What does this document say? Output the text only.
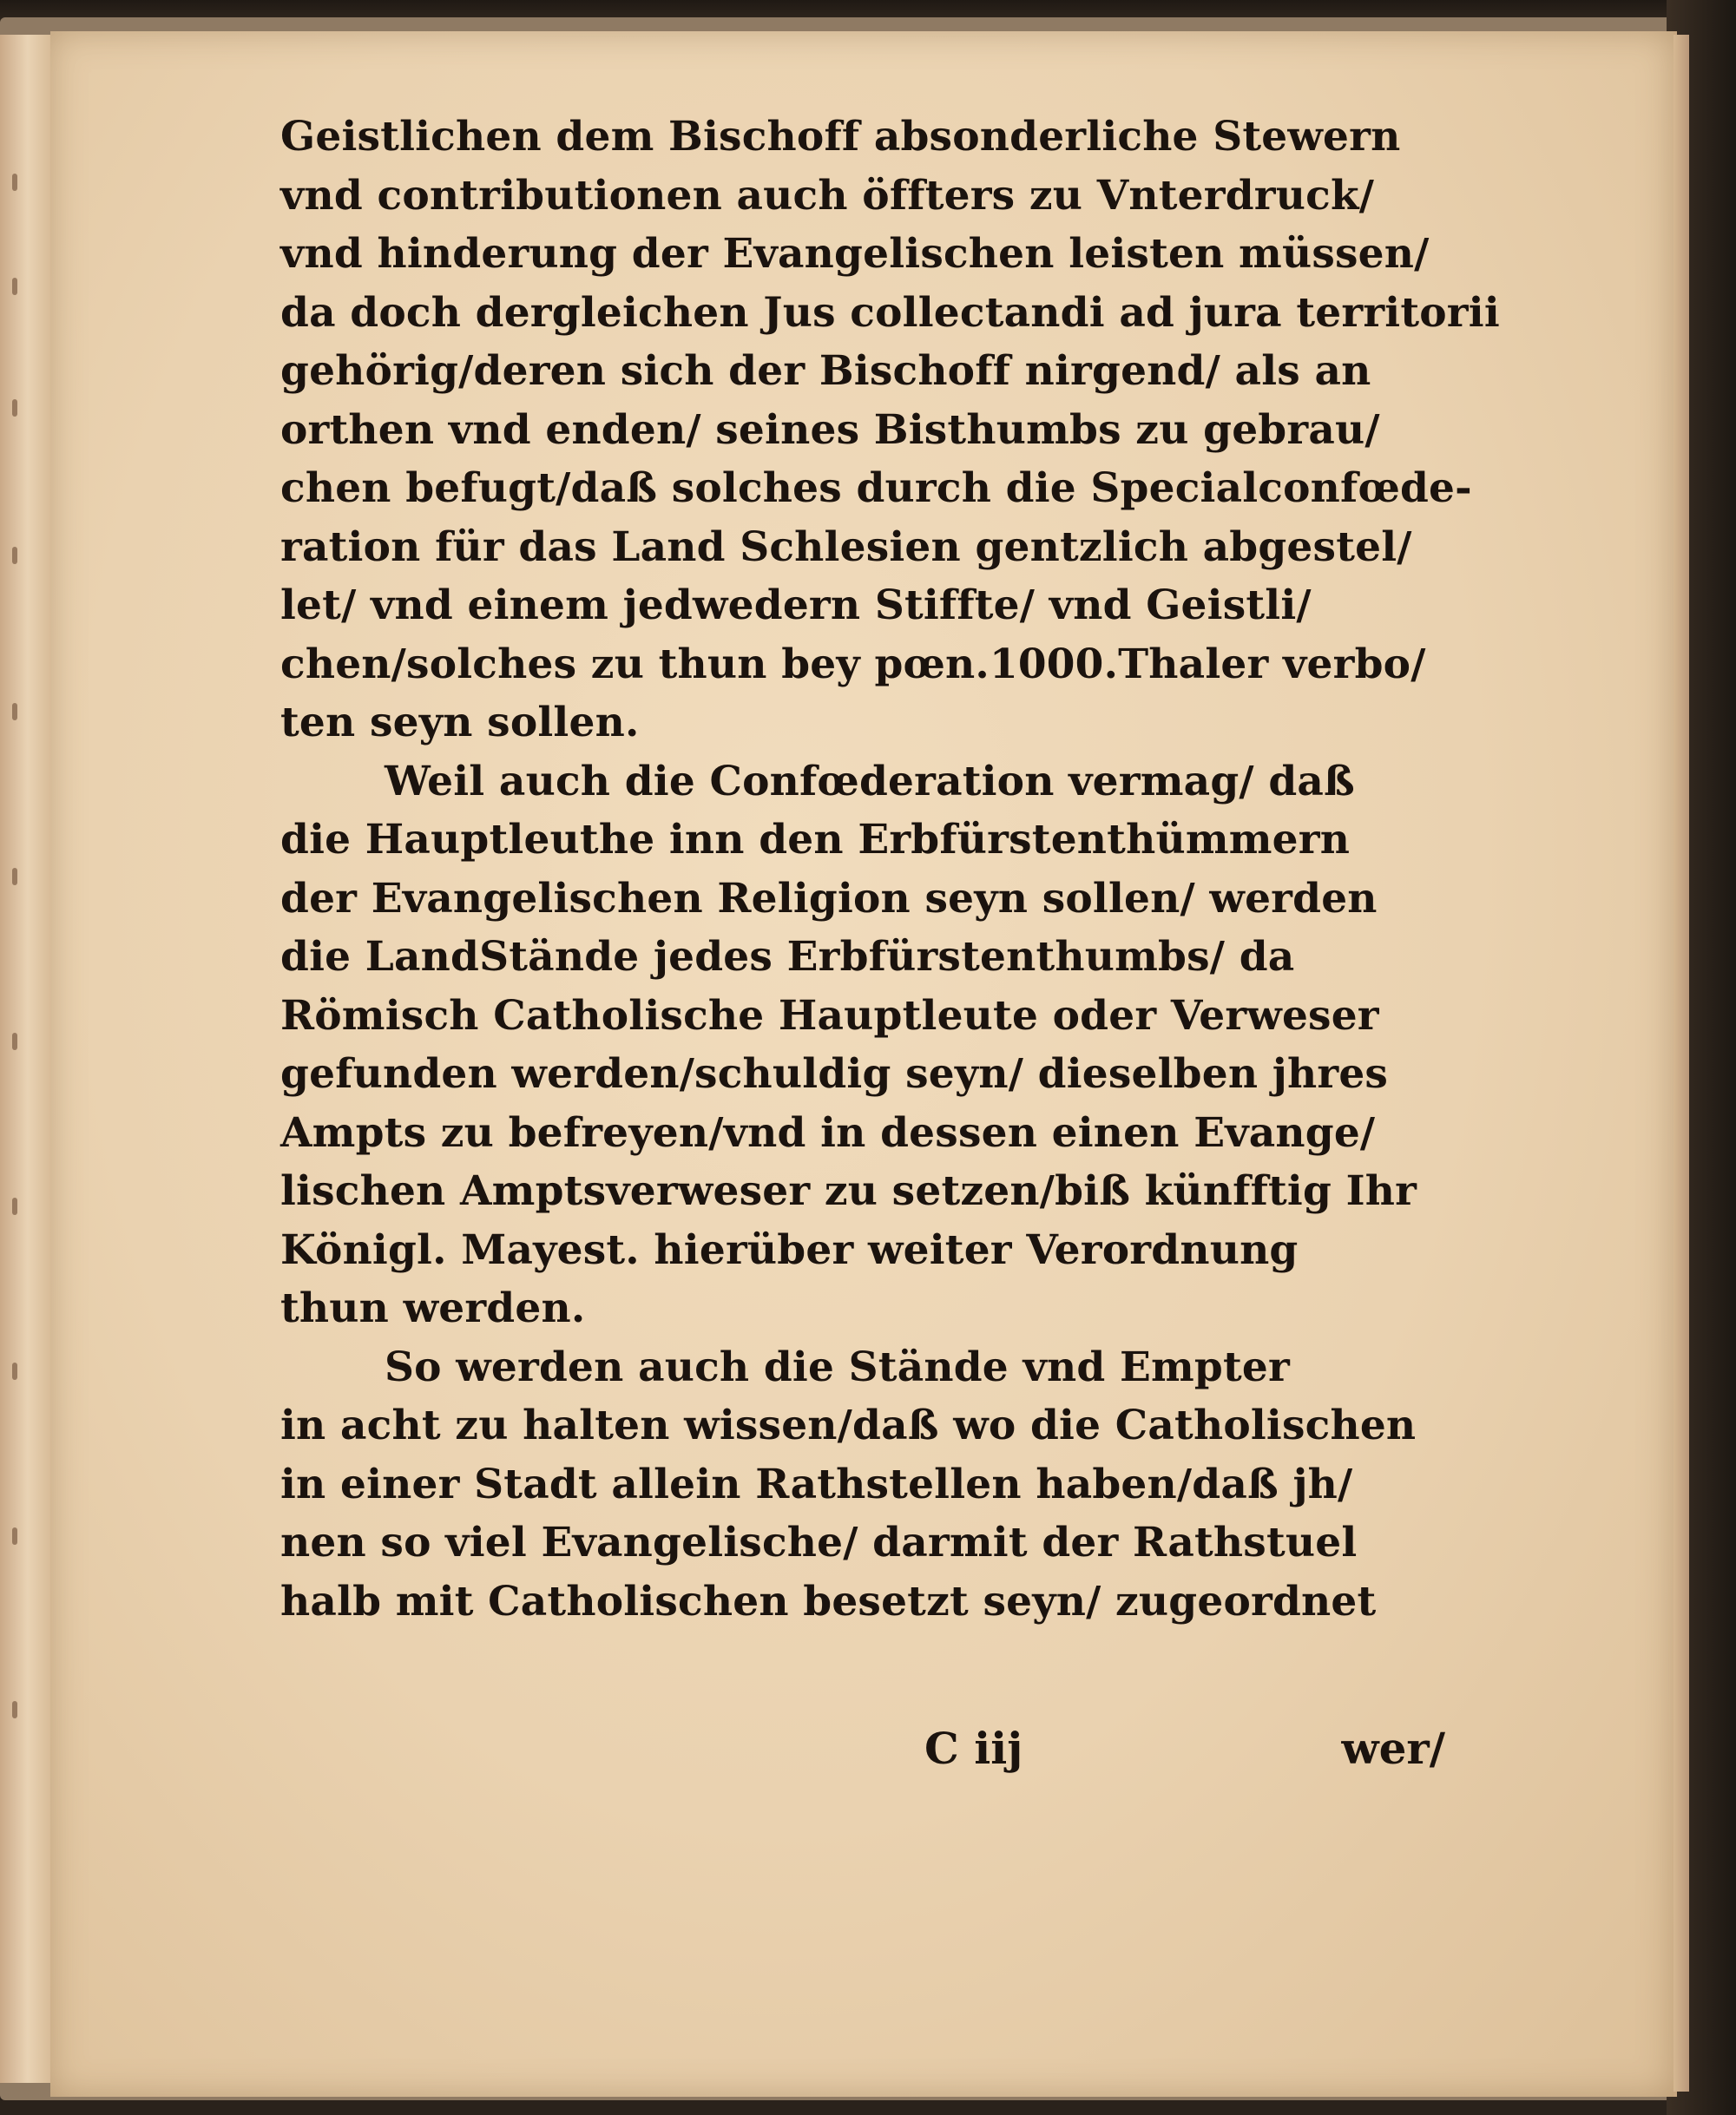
Geistlichen dem Bischoff absonderliche Stewern
vnd contributionen auch öffters zu Vnterdruck/
vnd hinderung der Evangelischen leisten müssen/
da doch dergleichen Jus collectandi ad jura territorii
gehörig/deren sich der Bischoff nirgend/ als an
orthen vnd enden/ seines Bisthumbs zu gebrau/
chen befugt/daß solches durch die Specialconfœde-
ration für das Land Schlesien gentzlich abgestel/
let/ vnd einem jedwedern Stiffte/ vnd Geistli/
chen/solches zu thun bey pœn.1000.Thaler verbo/
ten seyn sollen.
Weil auch die Confœderation vermag/ daß
die Hauptleuthe inn den Erbfürstenthümmern
der Evangelischen Religion seyn sollen/ werden
die LandStände jedes Erbfürstenthumbs/ da
Römisch Catholische Hauptleute oder Verweser
gefunden werden/schuldig seyn/ dieselben jhres
Ampts zu befreyen/vnd in dessen einen Evange/
lischen Amptsverweser zu setzen/biß künfftig Ihr
Königl. Mayest. hierüber weiter Verordnung
thun werden.
So werden auch die Stände vnd Empter
in acht zu halten wissen/daß wo die Catholischen
in einer Stadt allein Rathstellen haben/daß jh/
nen so viel Evangelische/ darmit der Rathstuel
halb mit Catholischen besetzt seyn/ zugeordnet
C iij	wer/
